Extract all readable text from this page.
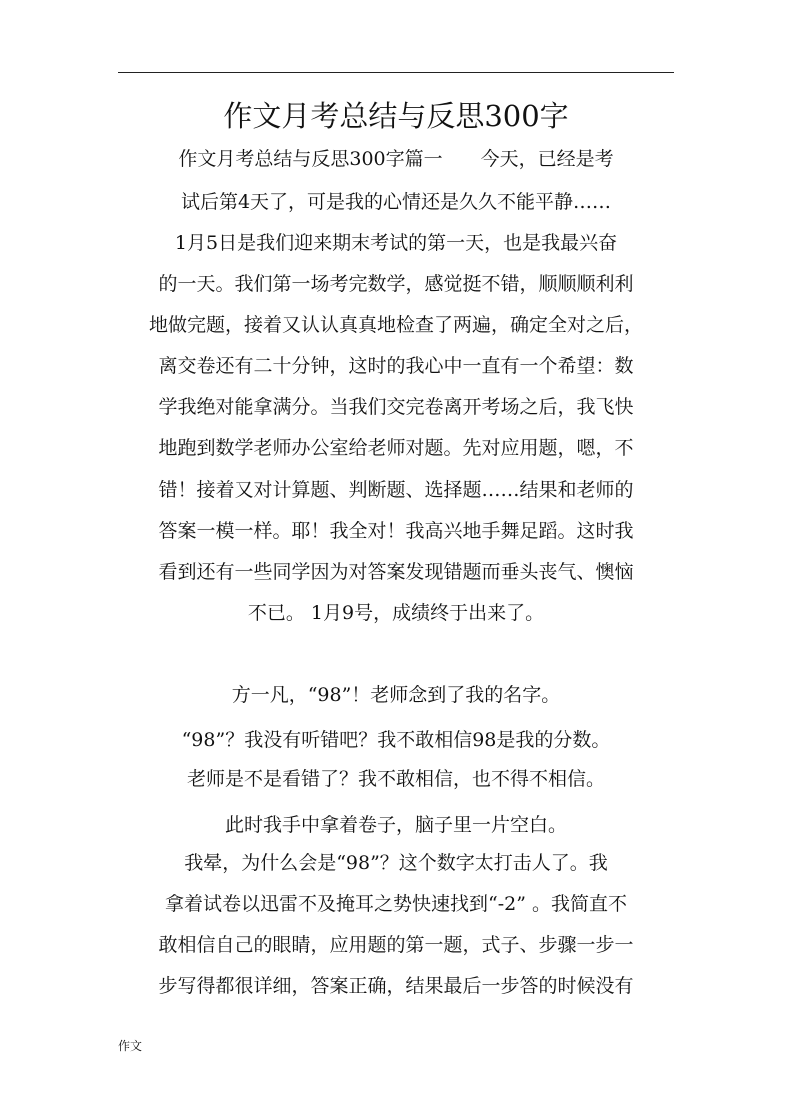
作文月考总结与反思300字

作文月考总结与反思300字篇一　　今天，已经是考

试后第4天了，可是我的心情还是久久不能平静……

1月5日是我们迎来期末考试的第一天，也是我最兴奋

的一天。我们第一场考完数学，感觉挺不错，顺顺顺利利

地做完题，接着又认认真真地检查了两遍，确定全对之后，

离交卷还有二十分钟，这时的我心中一直有一个希望：数

学我绝对能拿满分。当我们交完卷离开考场之后，我飞快

地跑到数学老师办公室给老师对题。先对应用题，嗯，不

错！接着又对计算题、判断题、选择题……结果和老师的

答案一模一样。耶！我全对！我高兴地手舞足蹈。这时我

看到还有一些同学因为对答案发现错题而垂头丧气、懊恼

不已。 1月9号，成绩终于出来了。

方一凡，“98”！老师念到了我的名字。

“98”？我没有听错吧？我不敢相信98是我的分数。

老师是不是看错了？我不敢相信，也不得不相信。

此时我手中拿着卷子，脑子里一片空白。

我晕，为什么会是“98”？这个数字太打击人了。我

拿着试卷以迅雷不及掩耳之势快速找到“-2” 。我简直不

敢相信自己的眼睛，应用题的第一题，式子、步骤一步一

步写得都很详细，答案正确，结果最后一步答的时候没有

作文
